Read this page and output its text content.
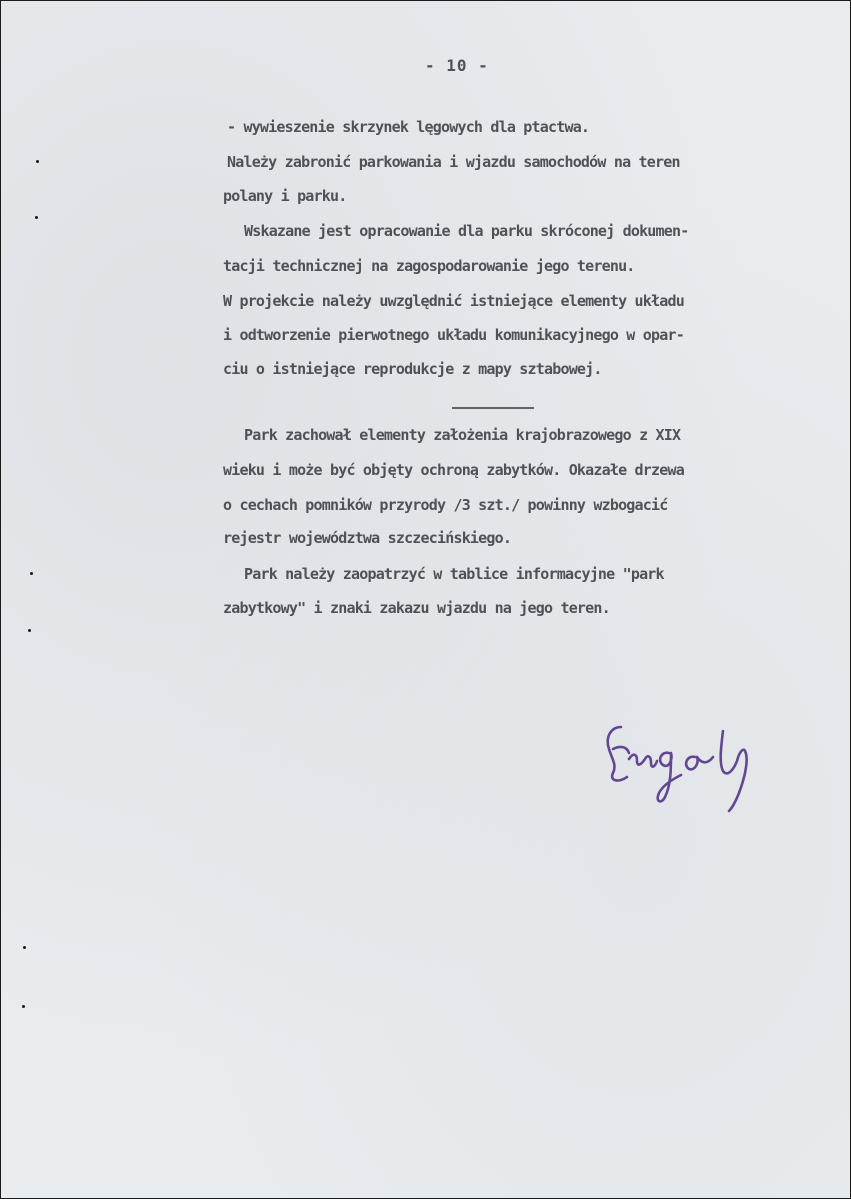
- 10 -
- wywieszenie skrzynek lęgowych dla ptactwa.
Należy zabronić parkowania i wjazdu samochodów na teren
polany i parku.
Wskazane jest opracowanie dla parku skróconej dokumen-
tacji technicznej na zagospodarowanie jego terenu.
W projekcie należy uwzględnić istniejące elementy układu
i odtworzenie pierwotnego układu komunikacyjnego w opar-
ciu o istniejące reprodukcje z mapy sztabowej.
Park zachował elementy założenia krajobrazowego z XIX
wieku i może być objęty ochroną zabytków. Okazałe drzewa
o cechach pomników przyrody /3 szt./ powinny wzbogacić
rejestr województwa szczecińskiego.
Park należy zaopatrzyć w tablice informacyjne "park
zabytkowy" i znaki zakazu wjazdu na jego teren.
